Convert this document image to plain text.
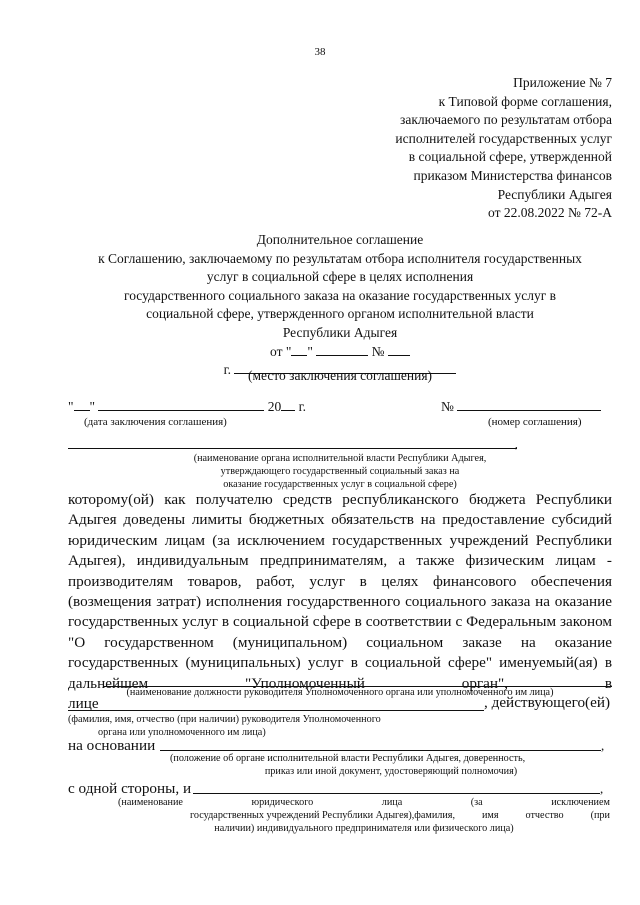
38
Приложение № 7
к Типовой форме соглашения,
заключаемого по результатам отбора
исполнителей государственных услуг
в социальной сфере, утвержденной
приказом Министерства финансов
Республики Адыгея
от 22.08.2022 № 72-А
Дополнительное соглашение
к Соглашению, заключаемому по результатам отбора исполнителя государственных
услуг в социальной сфере в целях исполнения
государственного социального заказа на оказание государственных услуг в
социальной сфере, утвержденного органом исполнительной власти
Республики Адыгея
от " "	№
г.	(место заключения соглашения)
" "	20 г.	№
(дата заключения соглашения)	(номер соглашения)
,
(наименование органа исполнительной власти Республики Адыгея,
утверждающего государственный социальный заказ на
оказание государственных услуг в социальной сфере)
которому(ой) как получателю средств республиканского бюджета Республики
Адыгея доведены лимиты бюджетных обязательств на предоставление субсидий
юридическим лицам (за исключением государственных учреждений Республики
Адыгея), индивидуальным предпринимателям, а также физическим лицам -
производителям товаров, работ, услуг в целях финансового обеспечения
(возмещения затрат) исполнения государственного социального заказа на оказание
государственных услуг в социальной сфере в соответствии с Федеральным законом
"О государственном (муниципальном) социальном заказе на оказание
государственных (муниципальных) услуг в социальной сфере" именуемый(ая) в
дальнейшем	"Уполномоченный	орган",	в
лице
(наименование должности руководителя Уполномоченного органа или уполномоченного им лица)
, действующего(ей)
(фамилия, имя, отчество (при наличии) руководителя Уполномоченного
органа или уполномоченного им лица)
на основании	,
(положение об органе исполнительной власти Республики Адыгея, доверенность,
приказ или иной документ, удостоверяющий полномочия)
с одной стороны, и	,
(наименование	юридического	лица	(за	исключением
государственных учреждений Республики Адыгея),фамилия,	имя	отчество	(при
наличии) индивидуального предпринимателя или физического лица)
